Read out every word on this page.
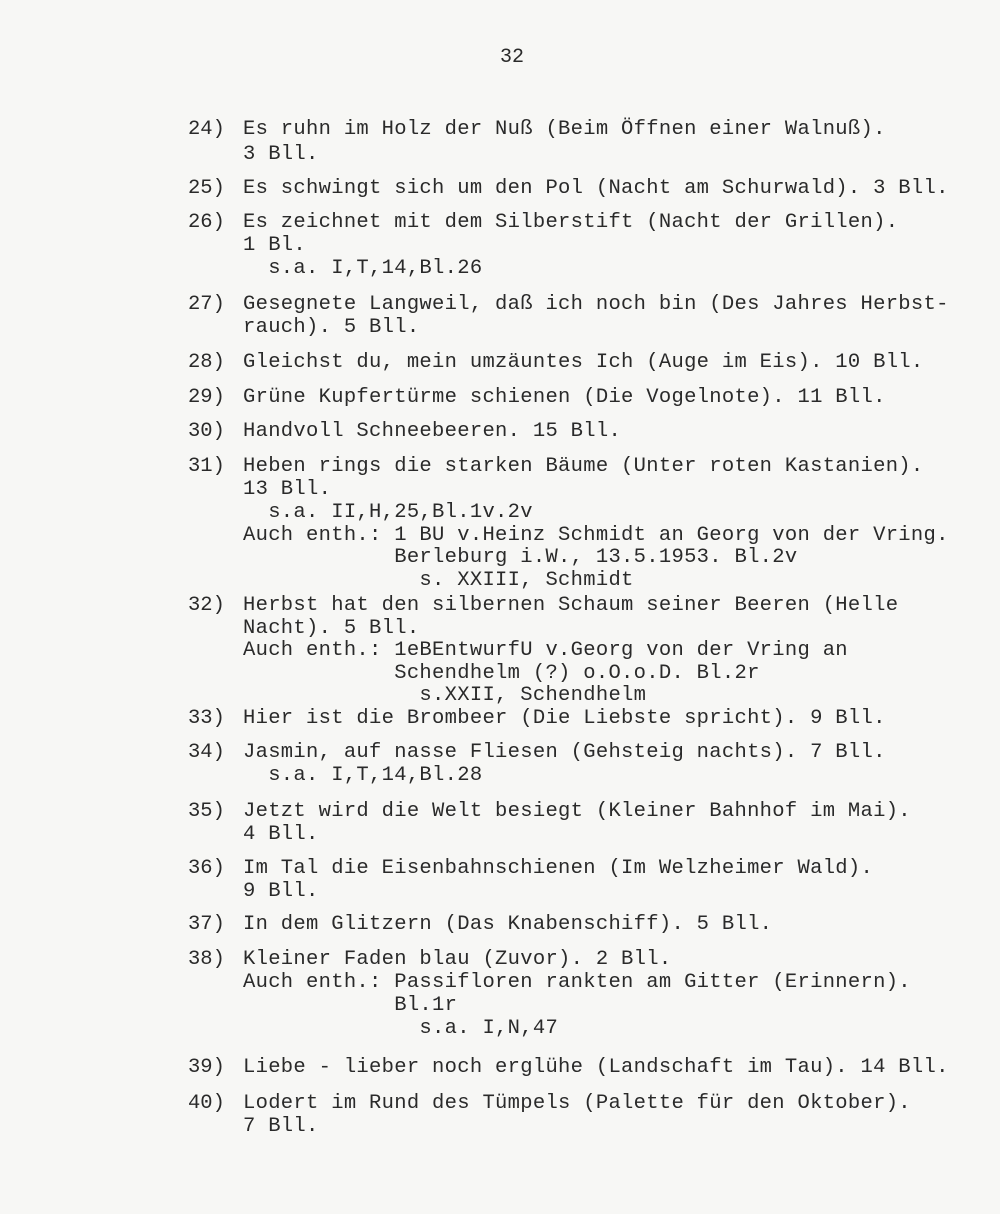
32
24) Es ruhn im Holz der Nuß (Beim Öffnen einer Walnuß).
3 Bll.
25) Es schwingt sich um den Pol (Nacht am Schurwald). 3 Bll.
26) Es zeichnet mit dem Silberstift (Nacht der Grillen).
1 Bl.
s.a. I,T,14,Bl.26
27) Gesegnete Langweil, daß ich noch bin (Des Jahres Herbst-
rauch). 5 Bll.
28) Gleichst du, mein umzäuntes Ich (Auge im Eis). 10 Bll.
29) Grüne Kupfertürme schienen (Die Vogelnote). 11 Bll.
30) Handvoll Schneebeeren. 15 Bll.
31) Heben rings die starken Bäume (Unter roten Kastanien).
13 Bll.
s.a. II,H,25,Bl.1v.2v
Auch enth.: 1 BU v.Heinz Schmidt an Georg von der Vring.
Berleburg i.W., 13.5.1953. Bl.2v
s. XXIII, Schmidt
32) Herbst hat den silbernen Schaum seiner Beeren (Helle
Nacht). 5 Bll.
Auch enth.: 1eBEntwurfU v.Georg von der Vring an
Schendhelm (?) o.O.o.D. Bl.2r
s.XXII, Schendhelm
33) Hier ist die Brombeer (Die Liebste spricht). 9 Bll.
34) Jasmin, auf nasse Fliesen (Gehsteig nachts). 7 Bll.
s.a. I,T,14,Bl.28
35) Jetzt wird die Welt besiegt (Kleiner Bahnhof im Mai).
4 Bll.
36) Im Tal die Eisenbahnschienen (Im Welzheimer Wald).
9 Bll.
37) In dem Glitzern (Das Knabenschiff). 5 Bll.
38) Kleiner Faden blau (Zuvor). 2 Bll.
Auch enth.: Passifloren rankten am Gitter (Erinnern).
Bl.1r
s.a. I,N,47
39) Liebe - lieber noch erglühe (Landschaft im Tau). 14 Bll.
40) Lodert im Rund des Tümpels (Palette für den Oktober).
7 Bll.
